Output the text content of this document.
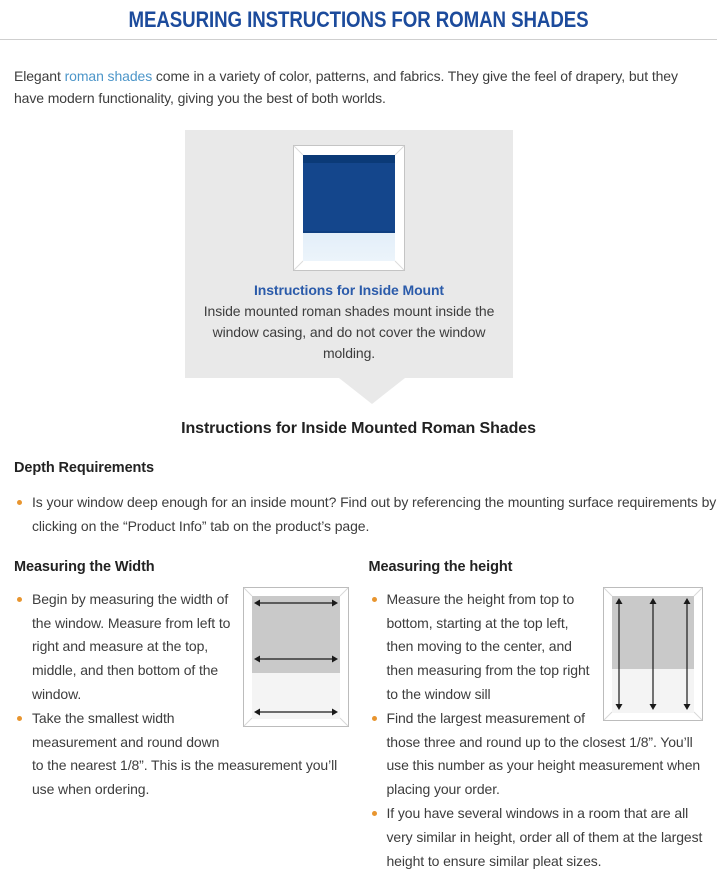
MEASURING INSTRUCTIONS FOR ROMAN SHADES

Elegant roman shades come in a variety of color, patterns, and fabrics. They give the feel of drapery, but they have modern functionality, giving you the best of both worlds.

Instructions for Inside Mount

Inside mounted roman shades mount inside the window casing, and do not cover the window molding.

Instructions for Inside Mounted Roman Shades
Depth Requirements
Is your window deep enough for an inside mount? Find out by referencing the mounting surface requirements by clicking on the “Product Info” tab on the product’s page.
Measuring the Width
Begin by measuring the width of the window. Measure from left to right and measure at the top, middle, and then bottom of the window.
Take the smallest width measurement and round down to the nearest 1/8”. This is the measurement you’ll use when ordering.
Measuring the height
Measure the height from top to bottom, starting at the top left, then moving to the center, and then measuring from the top right to the window sill
Find the largest measurement of those three and round up to the closest 1/8”. You’ll use this number as your height measurement when placing your order.
If you have several windows in a room that are all very similar in height, order all of them at the largest height to ensure similar pleat sizes.
